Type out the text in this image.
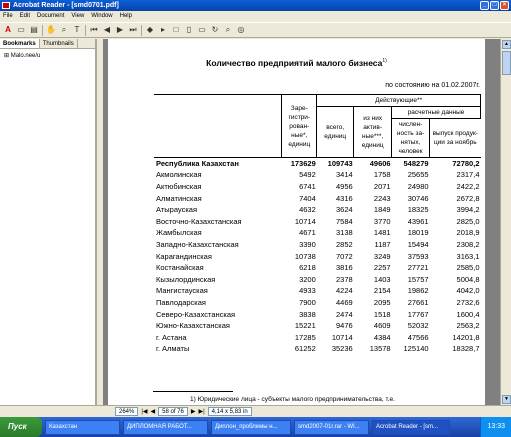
Acrobat Reader - [smd0701.pdf]	_	□	×
File Edit Document View Window Help
A ▭ ▤ ✋ ⌕	T	⏮ ◀ ▶ ⏭ ◆ ▸	□	▯ ▭ ↻ ⌕ ◎
Bookmarks	Thumbnails
⊞ Malo.nee/u
Количество предприятий малого бизнеса$^{1)}$
по состоянию на 01.02.2007г.
	Заре-гистри-рован-ные*, единиц	Действующие**			
		всего, единиц	из них актив-ные***, единиц	расчетные данные	
				числен-ность за-нятых, человек	выпуск продук-ции за ноябрь
Республика Казахстан	173629	109743	49606	548279	72780,2
Акмолинская	5492	3414	1758	25655	2317,4
Актюбинская	6741	4956	2071	24980	2422,2
Алматинская	7404	4316	2243	30746	2672,8
Атырауская	4632	3624	1849	18325	3994,2
Восточно-Казахстанская	10714	7584	3770	43961	2825,0
Жамбылская	4671	3138	1481	18019	2018,9
Западно-Казахстанская	3390	2852	1187	15494	2308,2
Карагандинская	10738	7072	3249	37593	3163,1
Костанайская	6218	3816	2257	27721	2585,0
Кызылординская	3200	2378	1403	15757	5004,8
Мангистауская	4933	4224	2154	19862	4042,0
Павлодарская	7900	4469	2095	27661	2732,6
Северо-Казахстанская	3838	2474	1518	17767	1600,4
Южно-Казахстанская	15221	9476	4609	52032	2563,2
г. Астана	17285	10714	4384	47566	14201,8
г. Алматы	61252	35236	13578	125140	18328,7
1) Юридические лица - субъекты малого предпринимательства, т.е.
▲
▼
264%	|◀ ◀	58 of 76	▶ ▶|	4,14 x 5,83 in
Пуск	Казахстан	ДИПЛОМНАЯ РАБОТ...	Диплон_проблемы н...	smd2007-01r.rar - WI...	Acrobat Reader - [sm...	13:33
